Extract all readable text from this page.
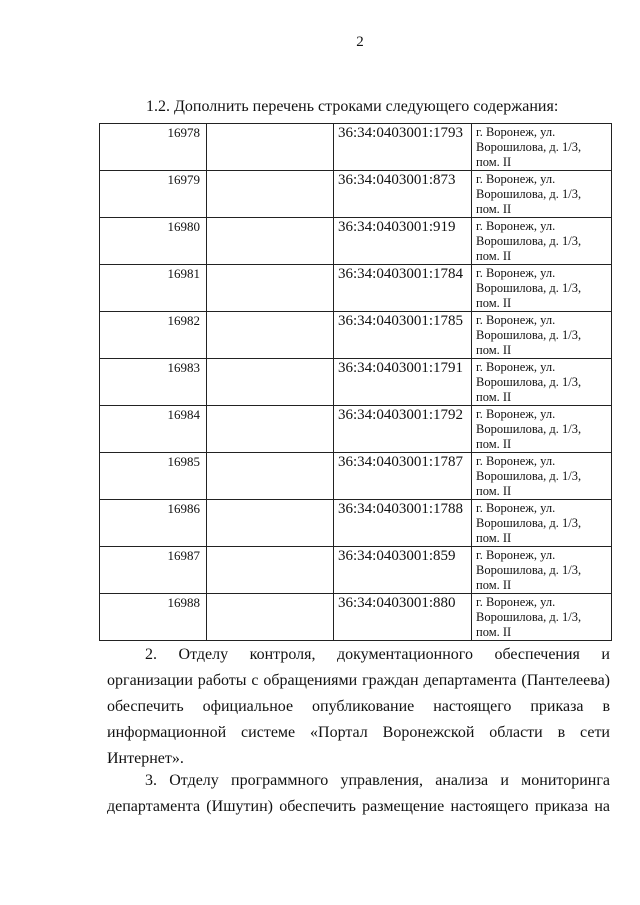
2
1.2. Дополнить перечень строками следующего содержания:
16978		36:34:0403001:1793	г. Воронеж, ул.
Ворошилова, д. 1/3,
пом. II

16979		36:34:0403001:873	г. Воронеж, ул.
Ворошилова, д. 1/3,
пом. II

16980		36:34:0403001:919	г. Воронеж, ул.
Ворошилова, д. 1/3,
пом. II

16981		36:34:0403001:1784	г. Воронеж, ул.
Ворошилова, д. 1/3,
пом. II

16982		36:34:0403001:1785	г. Воронеж, ул.
Ворошилова, д. 1/3,
пом. II

16983		36:34:0403001:1791	г. Воронеж, ул.
Ворошилова, д. 1/3,
пом. II

16984		36:34:0403001:1792	г. Воронеж, ул.
Ворошилова, д. 1/3,
пом. II

16985		36:34:0403001:1787	г. Воронеж, ул.
Ворошилова, д. 1/3,
пом. II

16986		36:34:0403001:1788	г. Воронеж, ул.
Ворошилова, д. 1/3,
пом. II

16987		36:34:0403001:859	г. Воронеж, ул.
Ворошилова, д. 1/3,
пом. II

16988		36:34:0403001:880	г. Воронеж, ул.
Ворошилова, д. 1/3,
пом. II

2. Отделу контроля, документационного обеспечения и организации работы с обращениями граждан департамента (Пантелеева) обеспечить официальное опубликование настоящего приказа в информационной системе «Портал Воронежской области в сети Интернет».

3. Отделу программного управления, анализа и мониторинга департамента (Ишутин) обеспечить размещение настоящего приказа на
